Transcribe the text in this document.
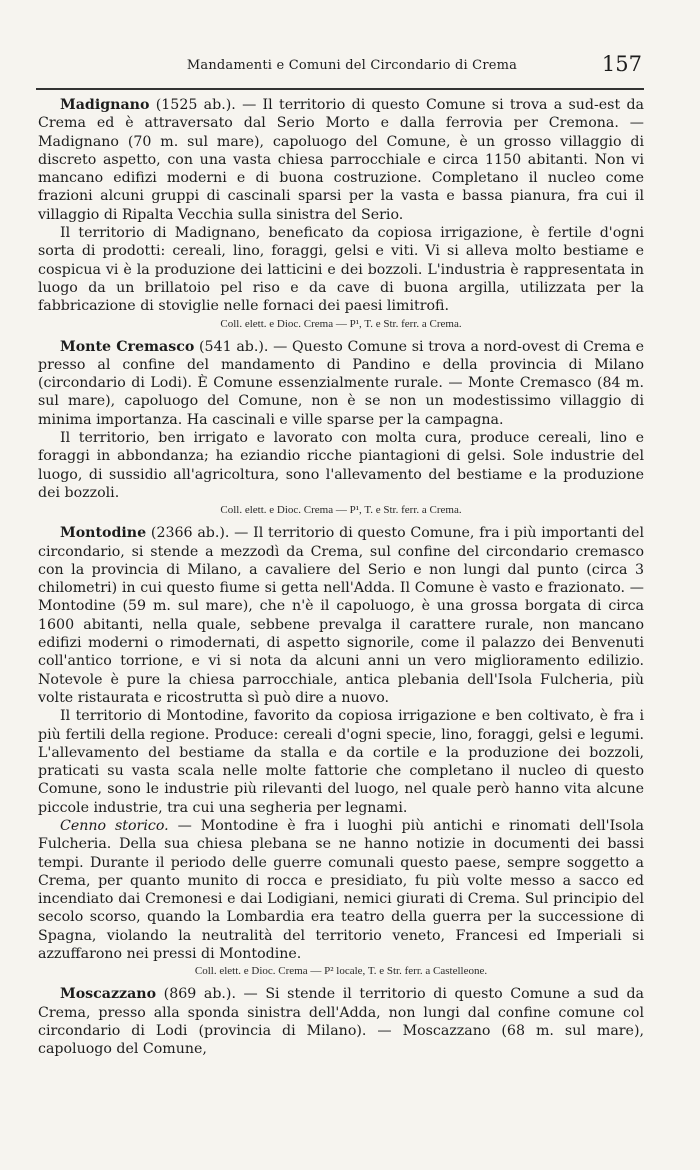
Mandamenti e Comuni del Circondario di Crema	157

Madignano (1525 ab.). — Il territorio di questo Comune si trova a sud-est da Crema ed è attraversato dal Serio Morto e dalla ferrovia per Cremona. — Madignano (70 m. sul mare), capoluogo del Comune, è un grosso villaggio di discreto aspetto, con una vasta chiesa parrocchiale e circa 1150 abitanti. Non vi mancano edifizi moderni e di buona costruzione. Completano il nucleo come frazioni alcuni gruppi di cascinali sparsi per la vasta e bassa pianura, fra cui il villaggio di Ripalta Vecchia sulla sinistra del Serio.

Il territorio di Madignano, beneficato da copiosa irrigazione, è fertile d'ogni sorta di prodotti: cereali, lino, foraggi, gelsi e viti. Vi si alleva molto bestiame e cospicua vi è la produzione dei latticini e dei bozzoli. L'industria è rappresentata in luogo da un brillatoio pel riso e da cave di buona argilla, utilizzata per la fabbricazione di stoviglie nelle fornaci dei paesi limitrofi.

Coll. elett. e Dioc. Crema — P¹, T. e Str. ferr. a Crema.

Monte Cremasco (541 ab.). — Questo Comune si trova a nord-ovest di Crema e presso al confine del mandamento di Pandino e della provincia di Milano (circondario di Lodi). È Comune essenzialmente rurale. — Monte Cremasco (84 m. sul mare), capoluogo del Comune, non è se non un modestissimo villaggio di minima importanza. Ha cascinali e ville sparse per la campagna.

Il territorio, ben irrigato e lavorato con molta cura, produce cereali, lino e foraggi in abbondanza; ha eziandio ricche piantagioni di gelsi. Sole industrie del luogo, di sussidio all'agricoltura, sono l'allevamento del bestiame e la produzione dei bozzoli.

Coll. elett. e Dioc. Crema — P¹, T. e Str. ferr. a Crema.

Montodine (2366 ab.). — Il territorio di questo Comune, fra i più importanti del circondario, si stende a mezzodì da Crema, sul confine del circondario cremasco con la provincia di Milano, a cavaliere del Serio e non lungi dal punto (circa 3 chilometri) in cui questo fiume si getta nell'Adda. Il Comune è vasto e frazionato. — Montodine (59 m. sul mare), che n'è il capoluogo, è una grossa borgata di circa 1600 abitanti, nella quale, sebbene prevalga il carattere rurale, non mancano edifizi moderni o rimodernati, di aspetto signorile, come il palazzo dei Benvenuti coll'antico torrione, e vi si nota da alcuni anni un vero miglioramento edilizio. Notevole è pure la chiesa parrocchiale, antica plebania dell'Isola Fulcheria, più volte ristaurata e ricostrutta sì può dire a nuovo.

Il territorio di Montodine, favorito da copiosa irrigazione e ben coltivato, è fra i più fertili della regione. Produce: cereali d'ogni specie, lino, foraggi, gelsi e legumi. L'allevamento del bestiame da stalla e da cortile e la produzione dei bozzoli, praticati su vasta scala nelle molte fattorie che completano il nucleo di questo Comune, sono le industrie più rilevanti del luogo, nel quale però hanno vita alcune piccole industrie, tra cui una segheria per legnami.

Cenno storico. — Montodine è fra i luoghi più antichi e rinomati dell'Isola Fulcheria. Della sua chiesa plebana se ne hanno notizie in documenti dei bassi tempi. Durante il periodo delle guerre comunali questo paese, sempre soggetto a Crema, per quanto munito di rocca e presidiato, fu più volte messo a sacco ed incendiato dai Cremonesi e dai Lodigiani, nemici giurati di Crema. Sul principio del secolo scorso, quando la Lombardia era teatro della guerra per la successione di Spagna, violando la neutralità del territorio veneto, Francesi ed Imperiali si azzuffarono nei pressi di Montodine.

Coll. elett. e Dioc. Crema — P² locale, T. e Str. ferr. a Castelleone.

Moscazzano (869 ab.). — Si stende il territorio di questo Comune a sud da Crema, presso alla sponda sinistra dell'Adda, non lungi dal confine comune col circondario di Lodi (provincia di Milano). — Moscazzano (68 m. sul mare), capoluogo del Comune,
